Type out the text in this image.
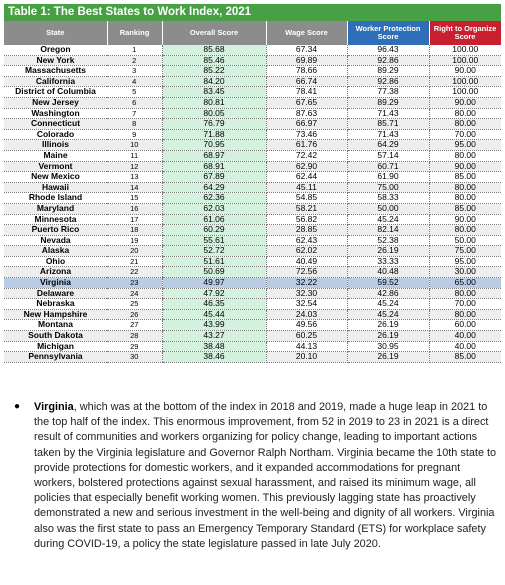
Table 1: The Best States to Work Index, 2021
State	Ranking	Overall Score	Wage Score	Worker Protection Score	Right to Organize Score
Oregon	1	85.68	67.34	96.43	100.00
New York	2	85.46	69.89	92.86	100.00
Massachusetts	3	85.22	78.66	89.29	90.00
California	4	84.20	66.74	92.86	100.00
District of Columbia	5	83.45	78.41	77.38	100.00
New Jersey	6	80.81	67.65	89.29	90.00
Washington	7	80.05	87.63	71.43	80.00
Connecticut	8	76.79	66.97	85.71	80.00
Colorado	9	71.88	73.46	71.43	70.00
Illinois	10	70.95	61.76	64.29	95.00
Maine	11	68.97	72.42	57.14	80.00
Vermont	12	68.91	62.90	60.71	90.00
New Mexico	13	67.89	62.44	61.90	85.00
Hawaii	14	64.29	45.11	75.00	80.00
Rhode Island	15	62.36	54.85	58.33	80.00
Maryland	16	62.03	58.21	50.00	85.00
Minnesota	17	61.06	56.82	45.24	90.00
Puerto Rico	18	60.29	28.85	82.14	80.00
Nevada	19	55.61	62.43	52.38	50.00
Alaska	20	52.72	62.02	26.19	75.00
Ohio	21	51.61	40.49	33.33	95.00
Arizona	22	50.69	72.56	40.48	30.00
Virginia	23	49.97	32.22	59.52	65.00
Delaware	24	47.92	32.30	42.86	80.00
Nebraska	25	46.35	32.54	45.24	70.00
New Hampshire	26	45.44	24.03	45.24	80.00
Montana	27	43.99	49.56	26.19	60.00
South Dakota	28	43.27	60.25	26.19	40.00
Michigan	29	38.48	44.13	30.95	40.00
Pennsylvania	30	38.46	20.10	26.19	85.00
● Virginia, which was at the bottom of the index in 2018 and 2019, made a huge leap in 2021 to the top half of the index. This enormous improvement, from 52 in 2019 to 23 in 2021 is a direct result of communities and workers organizing for policy change, leading to important actions taken by the Virginia legislature and Governor Ralph Northam. Virginia became the 10th state to provide protections for domestic workers, and it expanded accommodations for pregnant workers, bolstered protections against sexual harassment, and raised its minimum wage, all policies that especially benefit working women. This previously lagging state has proactively demonstrated a new and serious investment in the well-being and dignity of all workers. Virginia also was the first state to pass an Emergency Temporary Standard (ETS) for workplace safety during COVID-19, a policy the state legislature passed in late July 2020.
